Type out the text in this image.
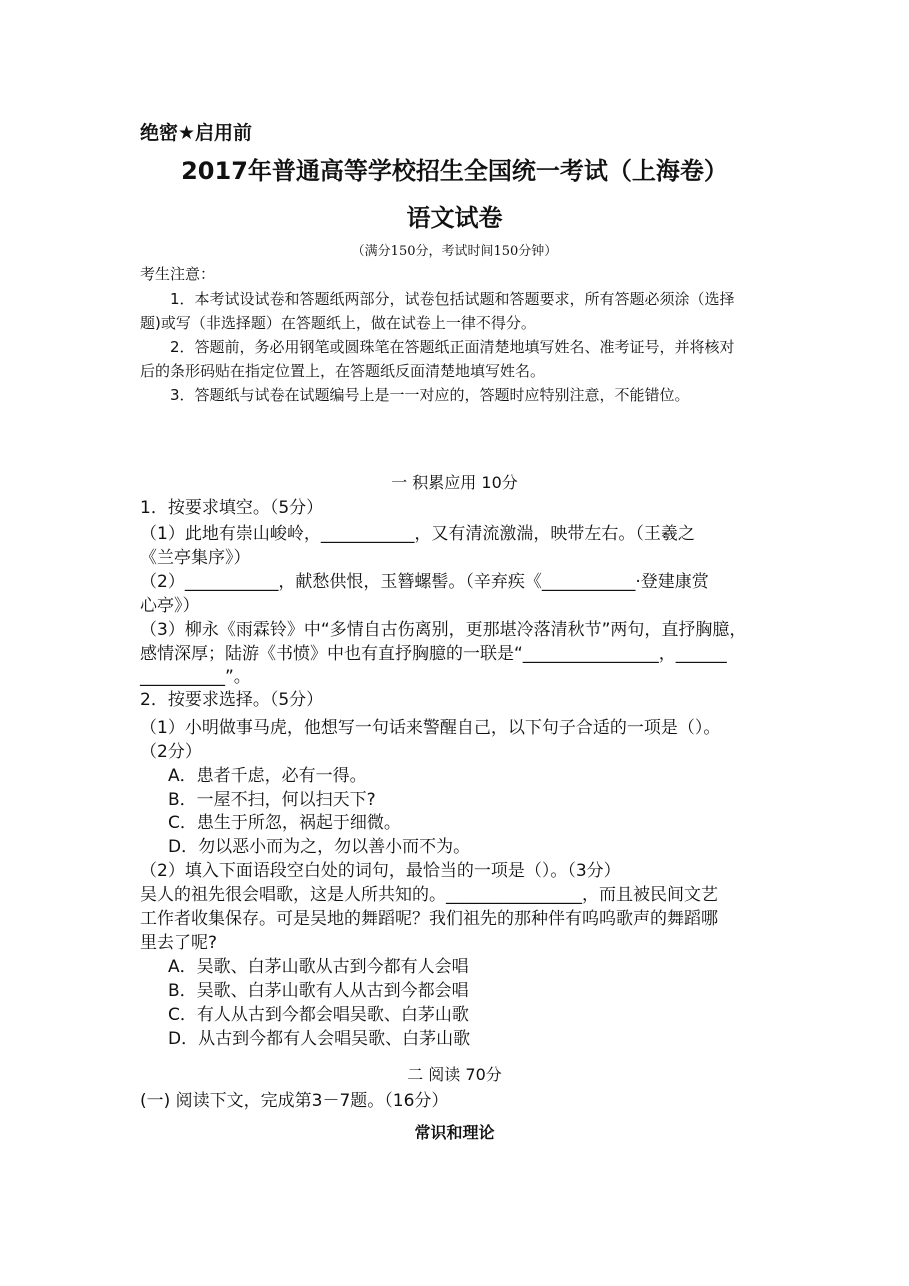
绝密★启用前
2017年普通高等学校招生全国统一考试（上海卷）
语文试卷
（满分150分，考试时间150分钟）
考生注意：
1．本考试设试卷和答题纸两部分，试卷包括试题和答题要求，所有答题必须涂（选择
题)或写（非选择题）在答题纸上，做在试卷上一律不得分。
2．答题前，务必用钢笔或圆珠笔在答题纸正面清楚地填写姓名、准考证号，并将核对
后的条形码贴在指定位置上，在答题纸反面清楚地填写姓名。
3．答题纸与试卷在试题编号上是一一对应的，答题时应特别注意，不能错位。
一 积累应用 10分
1．按要求填空。（5分）
（1）此地有崇山峻岭，___________，又有清流激湍，映带左右。（王羲之
《兰亭集序》）
（2）___________，献愁供恨，玉簪螺髻。（辛弃疾《___________·登建康赏
心亭》）
（3）柳永《雨霖铃》中“多情自古伤离别，更那堪冷落清秋节”两句，直抒胸臆，
感情深厚；陆游《书愤》中也有直抒胸臆的一联是“________________，______
__________”。
2．按要求选择。（5分）
（1）小明做事马虎，他想写一句话来警醒自己，以下句子合适的一项是（）。
（2分）
A．患者千虑，必有一得。
B．一屋不扫，何以扫天下?
C．患生于所忽，祸起于细微。
D．勿以恶小而为之，勿以善小而不为。
（2）填入下面语段空白处的词句，最恰当的一项是（）。（3分）
吴人的祖先很会唱歌，这是人所共知的。________________，而且被民间文艺
工作者收集保存。可是吴地的舞蹈呢？我们祖先的那种伴有呜呜歌声的舞蹈哪
里去了呢?
A．吴歌、白茅山歌从古到今都有人会唱
B．吴歌、白茅山歌有人从古到今都会唱
C．有人从古到今都会唱吴歌、白茅山歌
D．从古到今都有人会唱吴歌、白茅山歌
二 阅读 70分
(一) 阅读下文，完成第3－7题。（16分）
常识和理论
